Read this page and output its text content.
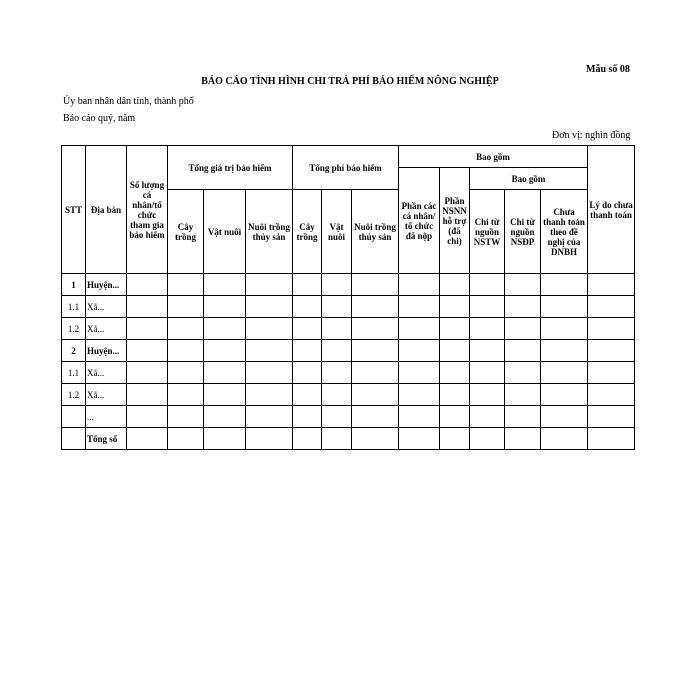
Mẫu số 08
BÁO CÁO TÌNH HÌNH CHI TRẢ PHÍ BẢO HIỂM NÔNG NGHIỆP
Ủy ban nhân dân tỉnh, thành phố
Báo cáo quý, năm
Đơn vị: nghìn đồng
STT	Địa bàn	Số lượng cá nhân/tổ chức tham gia bảo hiểm	Tổng giá trị bảo hiểm			Tổng phí bảo hiểm			Bao gồm					Lý do chưa thanh toán
									Phần các cá nhân/ tổ chức đã nộp	Phần NSNN hỗ trợ (đã chi)	Bao gồm			
			Cây trồng	Vật nuôi	Nuôi trồng thủy sản	Cây trồng	Vật nuôi	Nuôi trồng thủy sản			Chi từ nguồn NSTW	Chi từ nguồn NSĐP	Chưa thanh toán theo đề nghị của DNBH	
1	Huyện...													
1.1	Xã...													
1.2	Xã...													
2	Huyện...													
1.1	Xã...													
1.2	Xã...													
	...													
	Tổng số													
